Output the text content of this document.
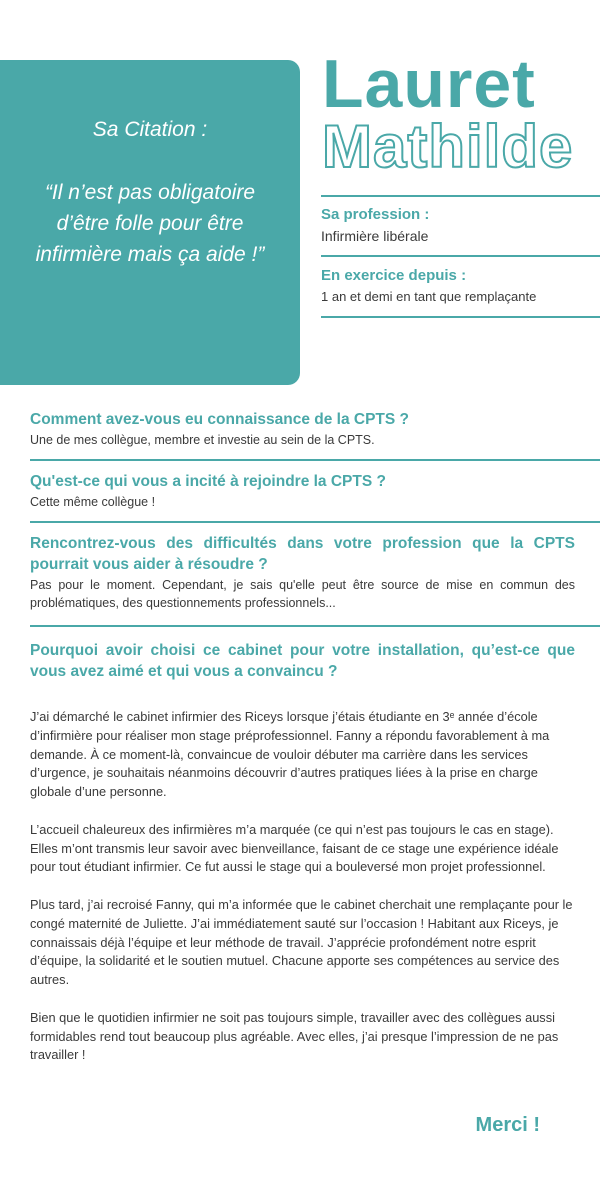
Sa Citation :
“Il n’est pas obligatoire d’être folle pour être infirmière mais ça aide !”
Lauret
Mathilde
Sa profession :
Infirmière libérale
En exercice depuis :
1 an et demi en tant que remplaçante
Comment avez-vous eu connaissance de la CPTS ?
Une de mes collègue, membre et investie au sein de la CPTS.
Qu'est-ce qui vous a incité à rejoindre la CPTS ?
Cette même collègue !
Rencontrez-vous des difficultés dans votre profession que la CPTS pourrait vous aider à résoudre ?
Pas pour le moment. Cependant, je sais qu'elle peut être source de mise en commun des problématiques, des questionnements professionnels...
Pourquoi avoir choisi ce cabinet pour votre installation, qu’est-ce que vous avez aimé et qui vous a convaincu ?

J’ai démarché le cabinet infirmier des Riceys lorsque j’étais étudiante en 3ᵉ année d’école d’infirmière pour réaliser mon stage préprofessionnel. Fanny a répondu favorablement à ma demande. À ce moment-là, convaincue de vouloir débuter ma carrière dans les services d’urgence, je souhaitais néanmoins découvrir d’autres pratiques liées à la prise en charge globale d’une personne.

L’accueil chaleureux des infirmières m’a marquée (ce qui n’est pas toujours le cas en stage). Elles m’ont transmis leur savoir avec bienveillance, faisant de ce stage une expérience idéale pour tout étudiant infirmier. Ce fut aussi le stage qui a bouleversé mon projet professionnel.

Plus tard, j’ai recroisé Fanny, qui m’a informée que le cabinet cherchait une remplaçante pour le congé maternité de Juliette. J’ai immédiatement sauté sur l’occasion ! Habitant aux Riceys, je connaissais déjà l’équipe et leur méthode de travail. J’apprécie profondément notre esprit d’équipe, la solidarité et le soutien mutuel. Chacune apporte ses compétences au service des autres.

Bien que le quotidien infirmier ne soit pas toujours simple, travailler avec des collègues aussi formidables rend tout beaucoup plus agréable. Avec elles, j’ai presque l’impression de ne pas travailler !

Merci !
